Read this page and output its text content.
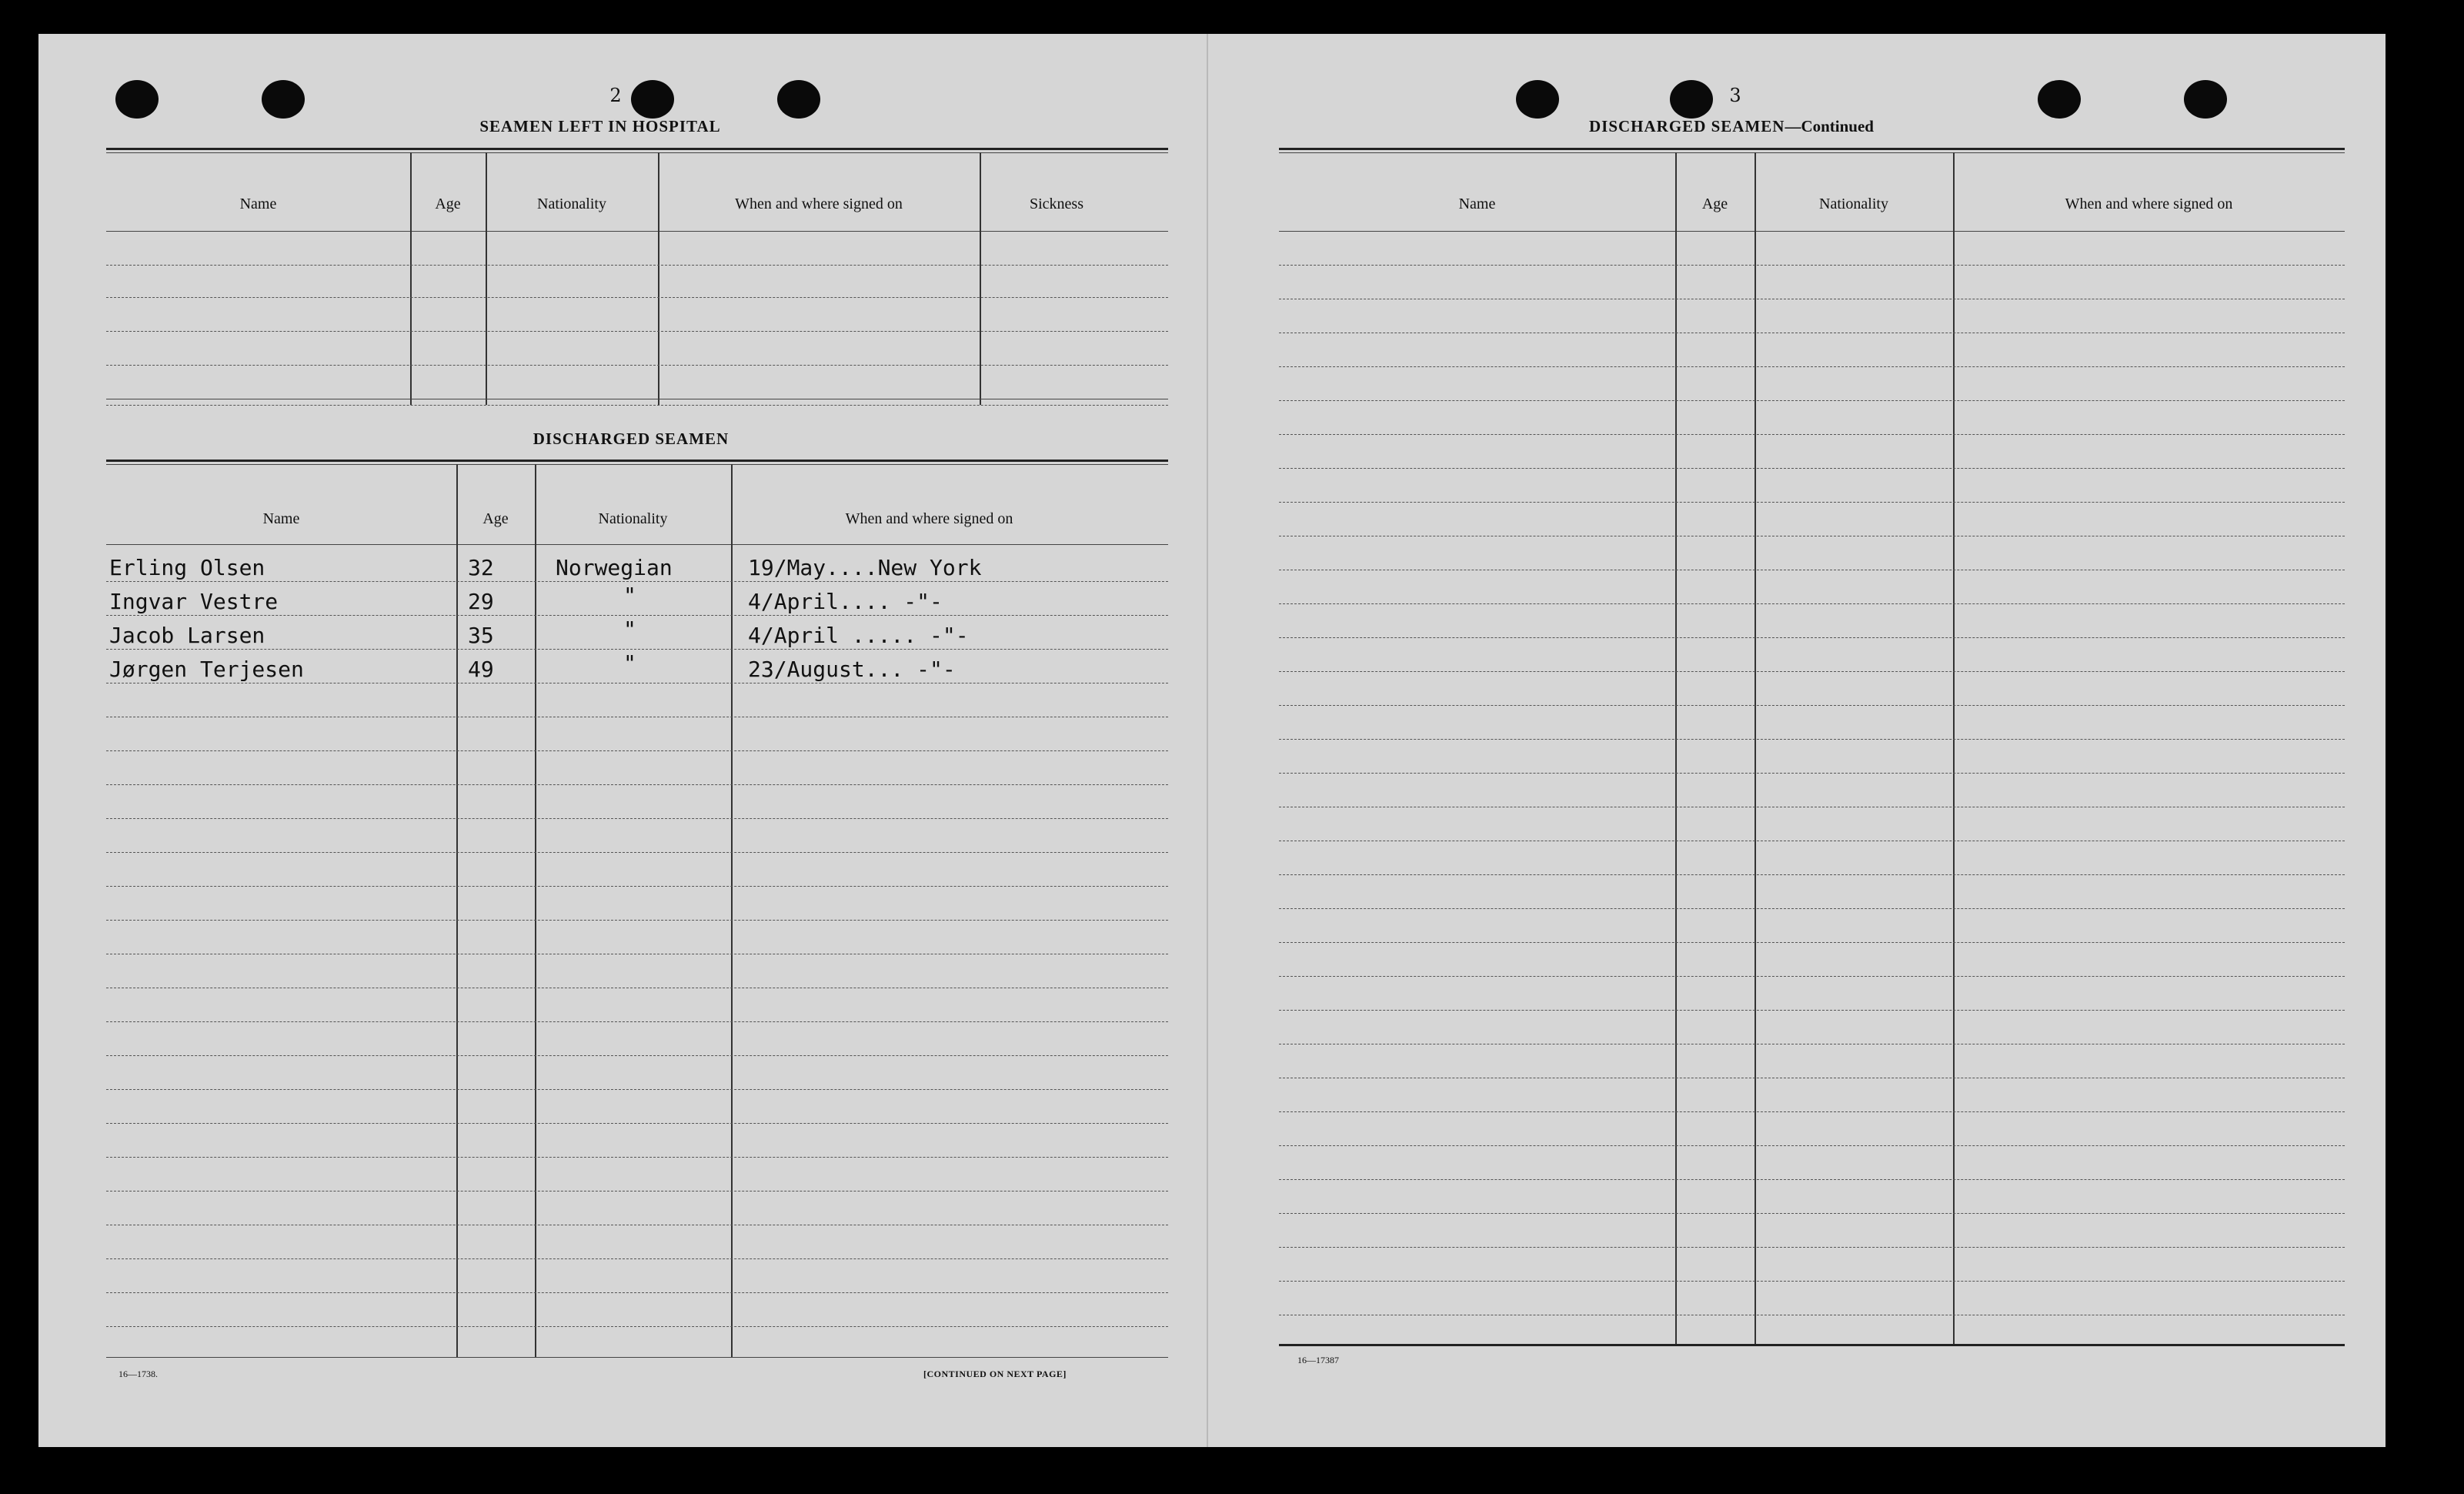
2
SEAMEN LEFT IN HOSPITAL
Name	Age	Nationality	When and where signed on	Sickness
DISCHARGED SEAMEN
Name	Age	Nationality	When and where signed on
Erling Olsen	32	Norwegian	19/May....New York
Ingvar Vestre	29	"	4/April.... -"-
Jacob Larsen	35	"	4/April ..... -"-
Jørgen Terjesen	49	"	23/August... -"-
16—1738.	[CONTINUED ON NEXT PAGE]
3
DISCHARGED SEAMEN—Continued
Name	Age	Nationality	When and where signed on
16—17387
